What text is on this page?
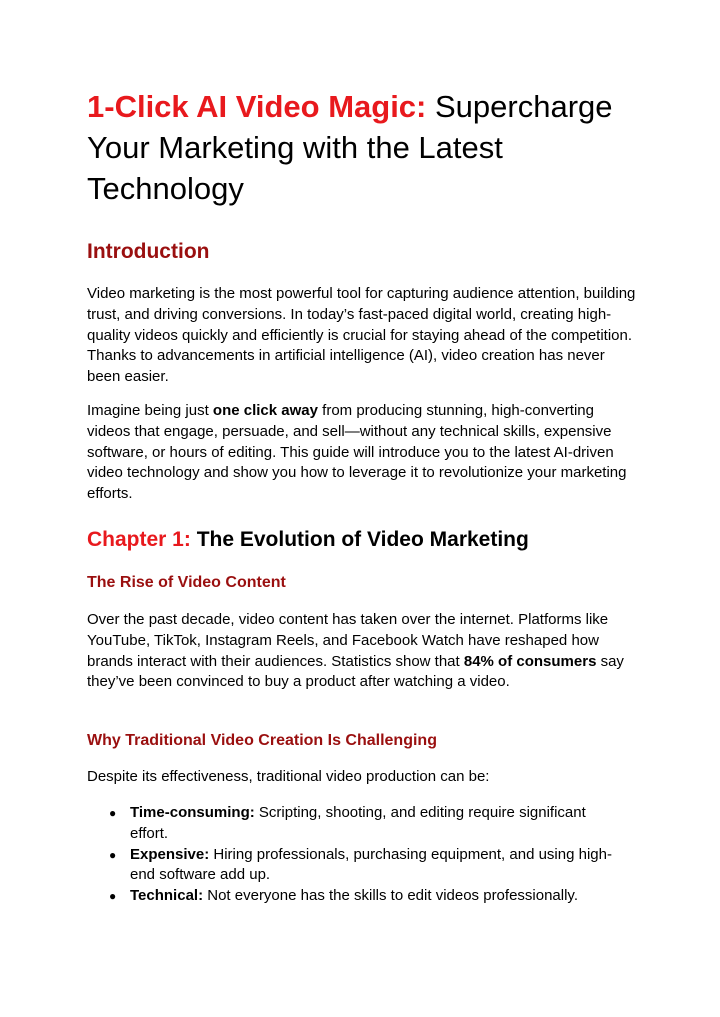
1-Click AI Video Magic: Supercharge Your Marketing with the Latest Technology
Introduction

Video marketing is the most powerful tool for capturing audience attention, building trust, and driving conversions. In today’s fast-paced digital world, creating high-quality videos quickly and efficiently is crucial for staying ahead of the competition. Thanks to advancements in artificial intelligence (AI), video creation has never been easier.

Imagine being just one click away from producing stunning, high-converting videos that engage, persuade, and sell—without any technical skills, expensive software, or hours of editing. This guide will introduce you to the latest AI-driven video technology and show you how to leverage it to revolutionize your marketing efforts.

Chapter 1: The Evolution of Video Marketing
The Rise of Video Content

Over the past decade, video content has taken over the internet. Platforms like YouTube, TikTok, Instagram Reels, and Facebook Watch have reshaped how brands interact with their audiences. Statistics show that 84% of consumers say they’ve been convinced to buy a product after watching a video.

Why Traditional Video Creation Is Challenging

Despite its effectiveness, traditional video production can be:

● Time-consuming: Scripting, shooting, and editing require significant effort.
● Expensive: Hiring professionals, purchasing equipment, and using high-end software add up.
● Technical: Not everyone has the skills to edit videos professionally.
